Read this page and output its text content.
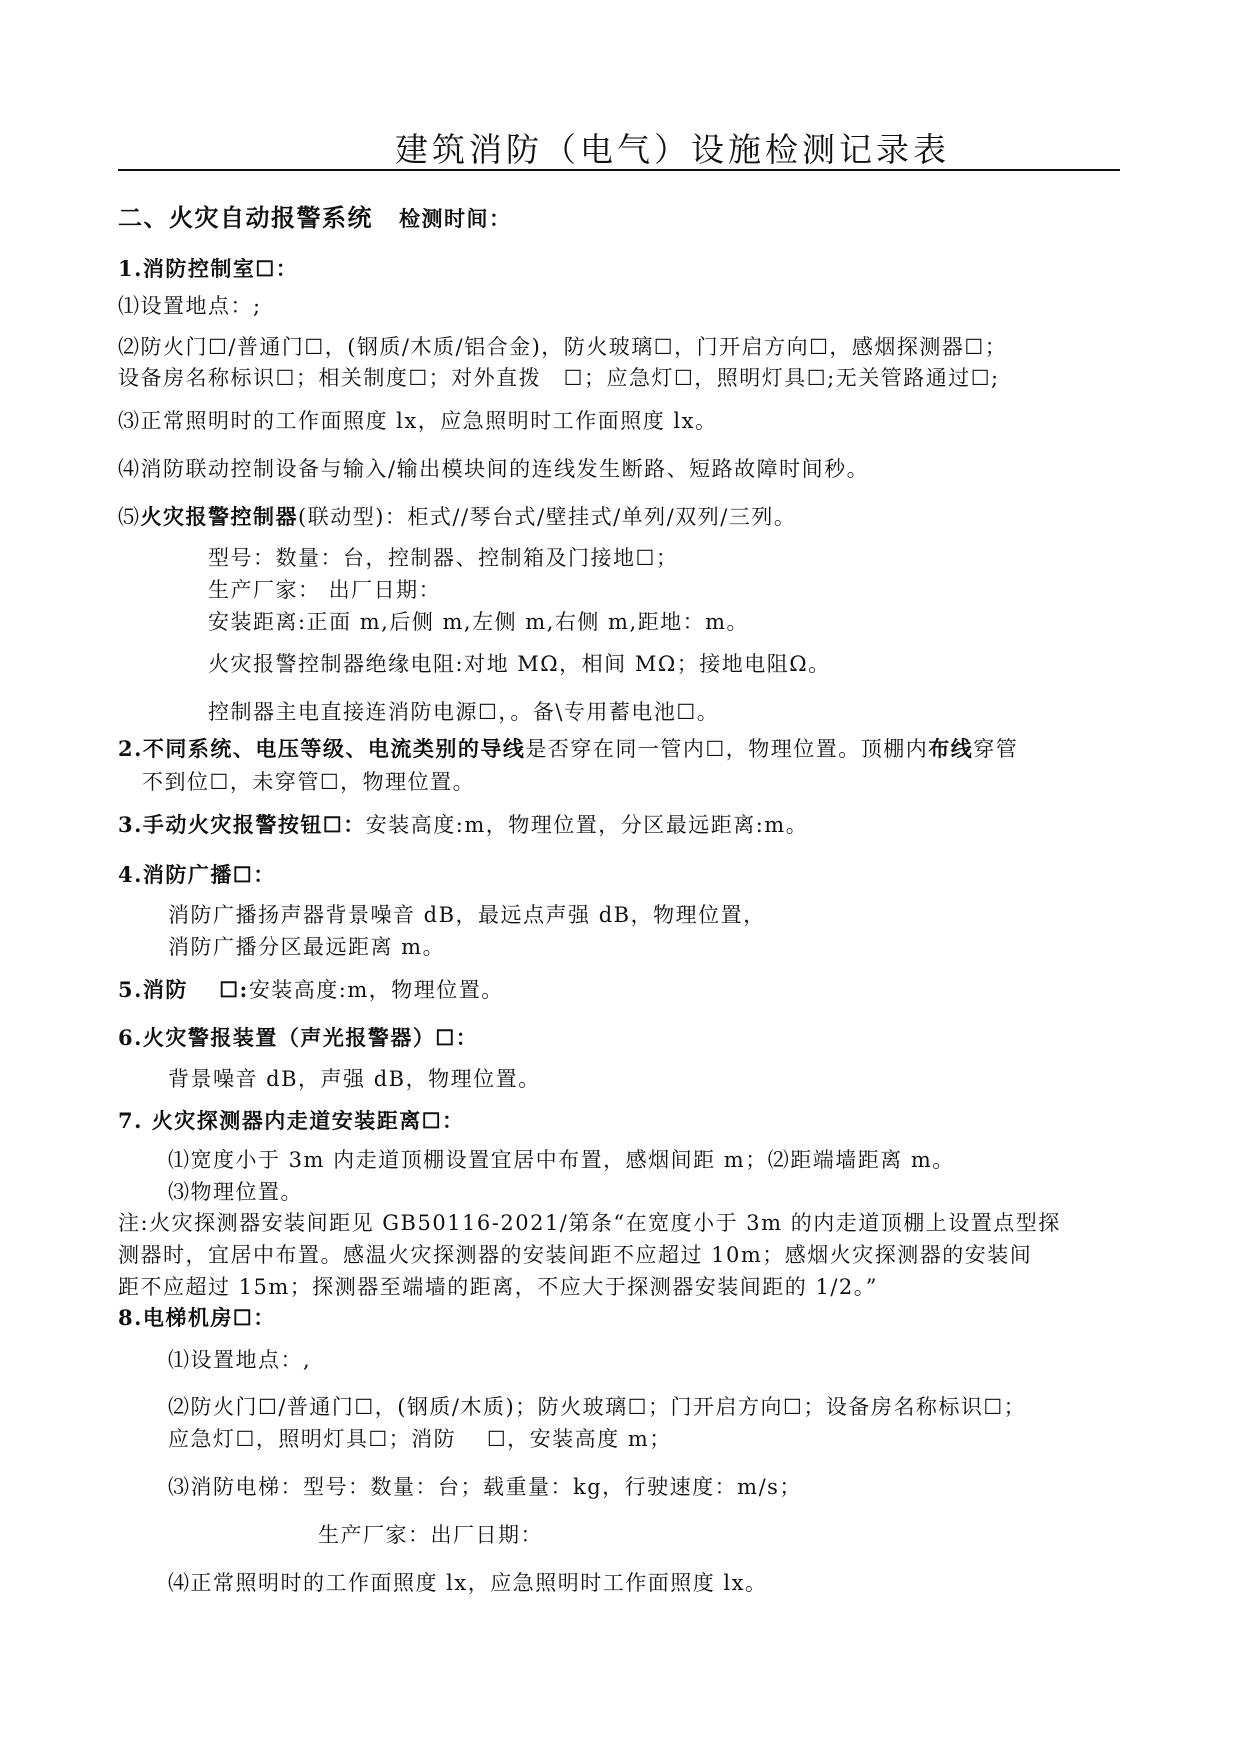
建筑消防（电气）设施检测记录表
二、火灾自动报警系统 检测时间：
1.消防控制室☐：
⑴设置地点：;
⑵防火门☐/普通门☐，(钢质/木质/铝合金)，防火玻璃☐，门开启方向☐，感烟探测器☐；
设备房名称标识☐；相关制度☐；对外直拨　☐；应急灯☐，照明灯具☐;无关管路通过☐;
⑶正常照明时的工作面照度 lx，应急照明时工作面照度 lx。
⑷消防联动控制设备与输入/输出模块间的连线发生断路、短路故障时间秒。
⑸火灾报警控制器(联动型)：柜式//琴台式/壁挂式/单列/双列/三列。
型号：数量：台，控制器、控制箱及门接地☐；
生产厂家： 出厂日期：
安装距离:正面 m,后侧 m,左侧 m,右侧 m,距地：m。
火灾报警控制器绝缘电阻:对地 MΩ，相间 MΩ；接地电阻Ω。
控制器主电直接连消防电源☐，。备\专用蓄电池☐。
2.不同系统、电压等级、电流类别的导线是否穿在同一管内☐，物理位置。顶棚内布线穿管
不到位☐，未穿管☐，物理位置。
3.手动火灾报警按钮☐：安装高度:m，物理位置，分区最远距离:m。
4.消防广播☐：
消防广播扬声器背景噪音 dB，最远点声强 dB，物理位置，
消防广播分区最远距离 m。
5.消防　 ☐:安装高度:m，物理位置。
6.火灾警报装置（声光报警器）☐：
背景噪音 dB，声强 dB，物理位置。
7. 火灾探测器内走道安装距离☐：
⑴宽度小于 3m 内走道顶棚设置宜居中布置，感烟间距 m；⑵距端墙距离 m。
⑶物理位置。
注:火灾探测器安装间距见 GB50116-2021/第条“在宽度小于 3m 的内走道顶棚上设置点型探
测器时，宜居中布置。感温火灾探测器的安装间距不应超过 10m；感烟火灾探测器的安装间
距不应超过 15m；探测器至端墙的距离，不应大于探测器安装间距的 1/2。”
8.电梯机房☐：
⑴设置地点：,
⑵防火门☐/普通门☐，(钢质/木质)；防火玻璃☐；门开启方向☐；设备房名称标识☐；
应急灯☐，照明灯具☐；消防　 ☐，安装高度 m；
⑶消防电梯：型号：数量：台；载重量：kg，行驶速度：m/s；
生产厂家：出厂日期：
⑷正常照明时的工作面照度 lx，应急照明时工作面照度 lx。
